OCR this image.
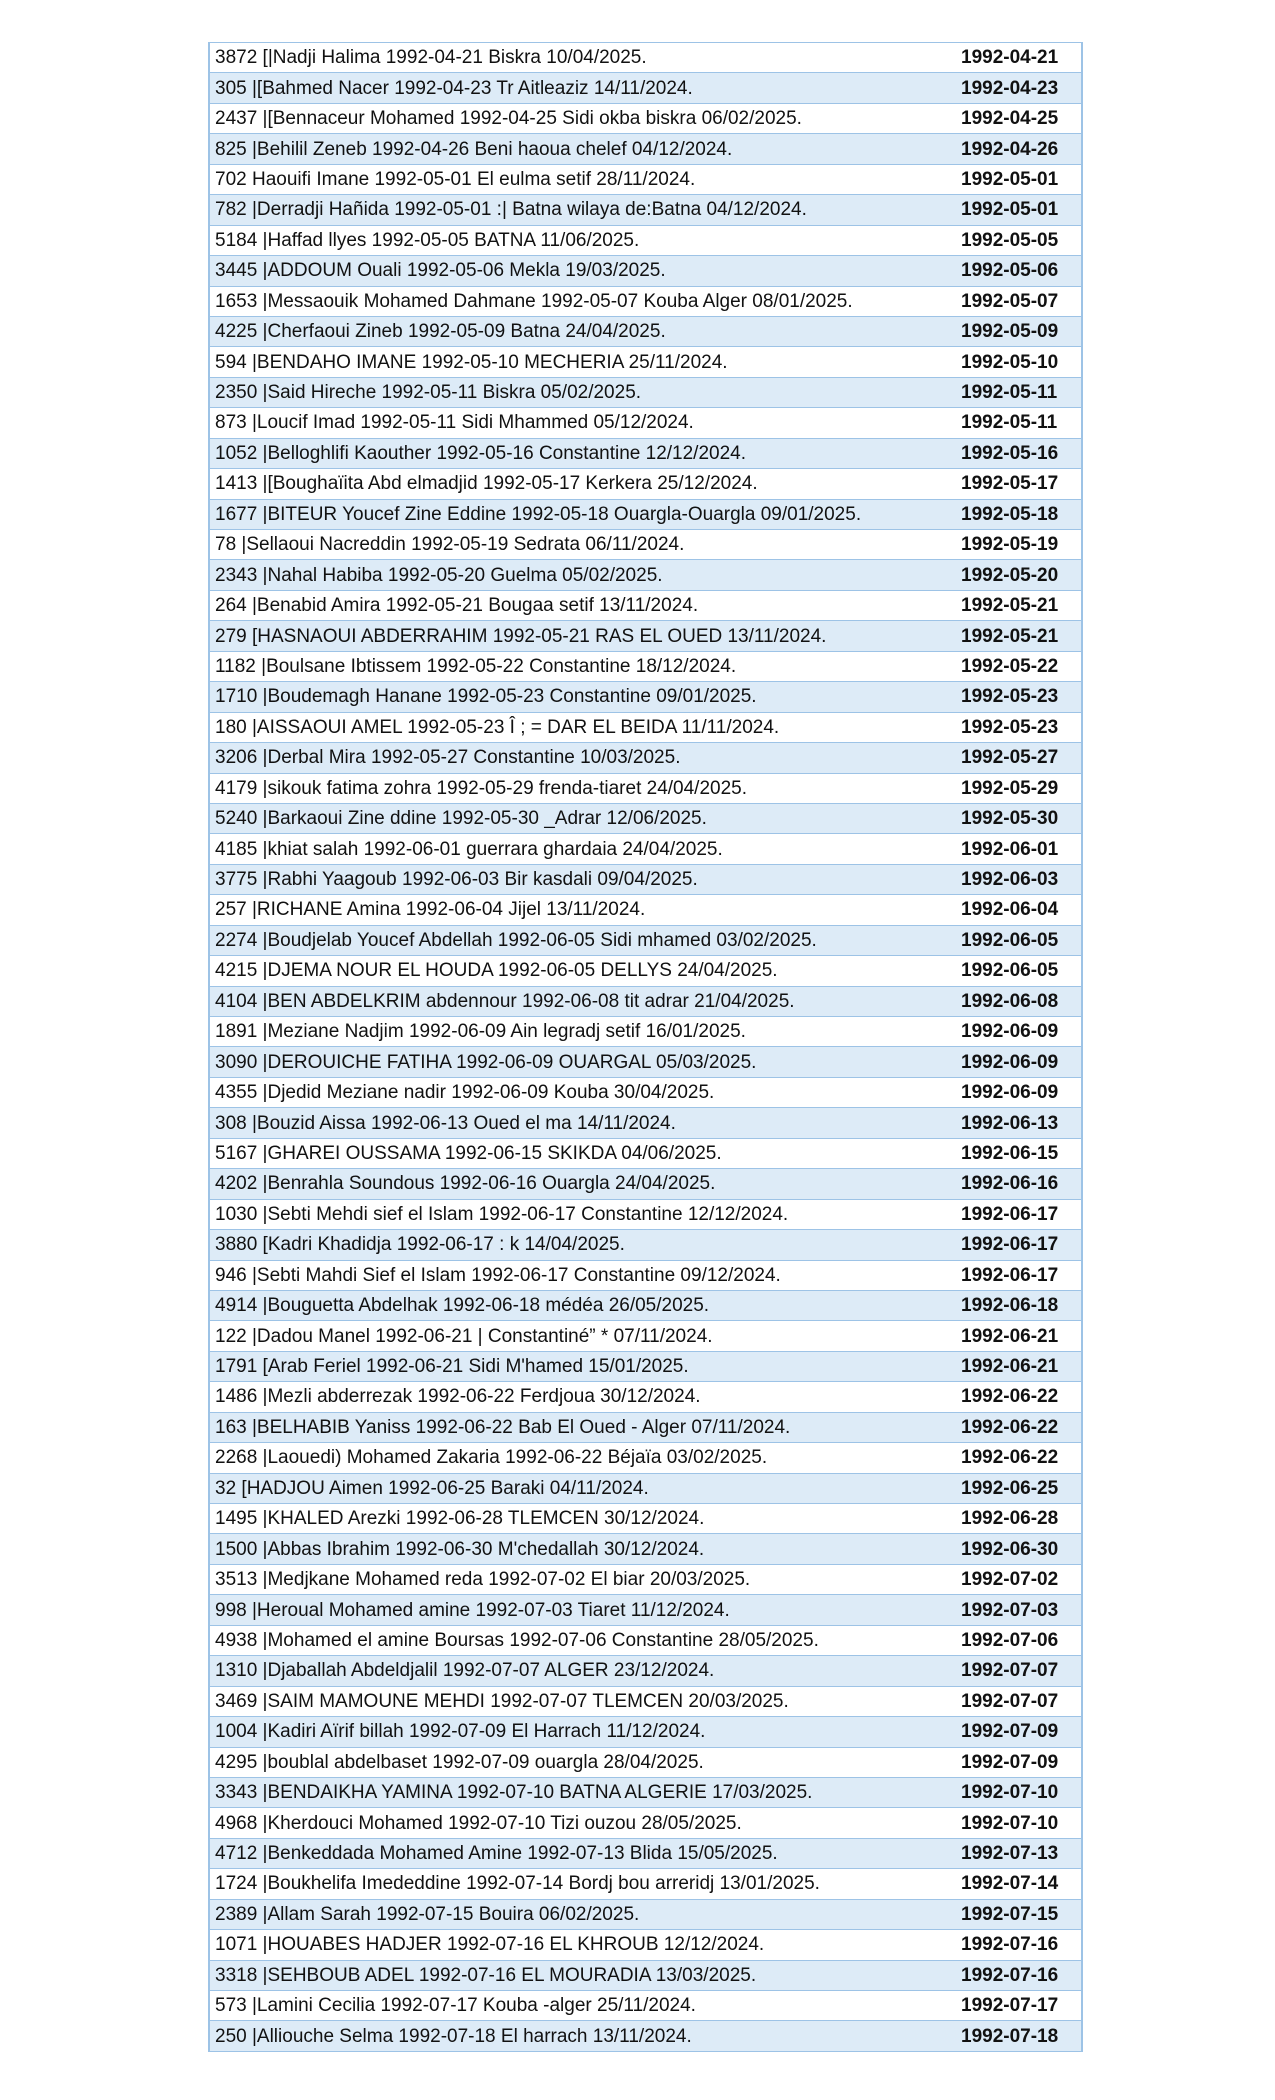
3872 [|Nadji Halima 1992-04-21 Biskra 10/04/2025.	1992-04-21
305 |[Bahmed Nacer 1992-04-23 Tr Aitleaziz 14/11/2024.	1992-04-23
2437 |[Bennaceur Mohamed 1992-04-25 Sidi okba biskra 06/02/2025.	1992-04-25
825 |Behilil Zeneb 1992-04-26 Beni haoua chelef 04/12/2024.	1992-04-26
702 Haouifi Imane 1992-05-01 El eulma setif 28/11/2024.	1992-05-01
782 |Derradji Hañida 1992-05-01 :| Batna wilaya de:Batna 04/12/2024.	1992-05-01
5184 |Haffad llyes 1992-05-05 BATNA 11/06/2025.	1992-05-05
3445 |ADDOUM Ouali 1992-05-06 Mekla 19/03/2025.	1992-05-06
1653 |Messaouik Mohamed Dahmane 1992-05-07 Kouba Alger 08/01/2025.	1992-05-07
4225 |Cherfaoui Zineb 1992-05-09 Batna 24/04/2025.	1992-05-09
594 |BENDAHO IMANE 1992-05-10 MECHERIA 25/11/2024.	1992-05-10
2350 |Said Hireche 1992-05-11 Biskra 05/02/2025.	1992-05-11
873 |Loucif Imad 1992-05-11 Sidi Mhammed 05/12/2024.	1992-05-11
1052 |Belloghlifi Kaouther 1992-05-16 Constantine 12/12/2024.	1992-05-16
1413 |[Boughaïita Abd elmadjid 1992-05-17 Kerkera 25/12/2024.	1992-05-17
1677 |BITEUR Youcef Zine Eddine 1992-05-18 Ouargla-Ouargla 09/01/2025.	1992-05-18
78 |Sellaoui Nacreddin 1992-05-19 Sedrata 06/11/2024.	1992-05-19
2343 |Nahal Habiba 1992-05-20 Guelma 05/02/2025.	1992-05-20
264 |Benabid Amira 1992-05-21 Bougaa setif 13/11/2024.	1992-05-21
279 [HASNAOUI ABDERRAHIM 1992-05-21 RAS EL OUED 13/11/2024.	1992-05-21
1182 |Boulsane Ibtissem 1992-05-22 Constantine 18/12/2024.	1992-05-22
1710 |Boudemagh Hanane 1992-05-23 Constantine 09/01/2025.	1992-05-23
180 |AISSAOUI AMEL 1992-05-23 Î ; = DAR EL BEIDA 11/11/2024.	1992-05-23
3206 |Derbal Mira 1992-05-27 Constantine 10/03/2025.	1992-05-27
4179 |sikouk fatima zohra 1992-05-29 frenda-tiaret 24/04/2025.	1992-05-29
5240 |Barkaoui Zine ddine 1992-05-30 _Adrar 12/06/2025.	1992-05-30
4185 |khiat salah 1992-06-01 guerrara ghardaia 24/04/2025.	1992-06-01
3775 |Rabhi Yaagoub 1992-06-03 Bir kasdali 09/04/2025.	1992-06-03
257 |RICHANE Amina 1992-06-04 Jijel 13/11/2024.	1992-06-04
2274 |Boudjelab Youcef Abdellah 1992-06-05 Sidi mhamed 03/02/2025.	1992-06-05
4215 |DJEMA NOUR EL HOUDA 1992-06-05 DELLYS 24/04/2025.	1992-06-05
4104 |BEN ABDELKRIM abdennour 1992-06-08 tit adrar 21/04/2025.	1992-06-08
1891 |Meziane Nadjim 1992-06-09 Ain legradj setif 16/01/2025.	1992-06-09
3090 |DEROUICHE FATIHA 1992-06-09 OUARGAL 05/03/2025.	1992-06-09
4355 |Djedid Meziane nadir 1992-06-09 Kouba 30/04/2025.	1992-06-09
308 |Bouzid Aissa 1992-06-13 Oued el ma 14/11/2024.	1992-06-13
5167 |GHAREI OUSSAMA 1992-06-15 SKIKDA 04/06/2025.	1992-06-15
4202 |Benrahla Soundous 1992-06-16 Ouargla 24/04/2025.	1992-06-16
1030 |Sebti Mehdi sief el Islam 1992-06-17 Constantine 12/12/2024.	1992-06-17
3880 [Kadri Khadidja 1992-06-17 : k 14/04/2025.	1992-06-17
946 |Sebti Mahdi Sief el Islam 1992-06-17 Constantine 09/12/2024.	1992-06-17
4914 |Bouguetta Abdelhak 1992-06-18 médéa 26/05/2025.	1992-06-18
122 |Dadou Manel 1992-06-21 | Constantiné” * 07/11/2024.	1992-06-21
1791 [Arab Feriel 1992-06-21 Sidi M'hamed 15/01/2025.	1992-06-21
1486 |Mezli abderrezak 1992-06-22 Ferdjoua 30/12/2024.	1992-06-22
163 |BELHABIB Yaniss 1992-06-22 Bab El Oued - Alger 07/11/2024.	1992-06-22
2268 |Laouedi) Mohamed Zakaria 1992-06-22 Béjaïa 03/02/2025.	1992-06-22
32 [HADJOU Aimen 1992-06-25 Baraki 04/11/2024.	1992-06-25
1495 |KHALED Arezki 1992-06-28 TLEMCEN 30/12/2024.	1992-06-28
1500 |Abbas Ibrahim 1992-06-30 M'chedallah 30/12/2024.	1992-06-30
3513 |Medjkane Mohamed reda 1992-07-02 El biar 20/03/2025.	1992-07-02
998 |Heroual Mohamed amine 1992-07-03 Tiaret 11/12/2024.	1992-07-03
4938 |Mohamed el amine Boursas 1992-07-06 Constantine 28/05/2025.	1992-07-06
1310 |Djaballah Abdeldjalil 1992-07-07 ALGER 23/12/2024.	1992-07-07
3469 |SAIM MAMOUNE MEHDI 1992-07-07 TLEMCEN 20/03/2025.	1992-07-07
1004 |Kadiri Aïrif billah 1992-07-09 El Harrach 11/12/2024.	1992-07-09
4295 |boublal abdelbaset 1992-07-09 ouargla 28/04/2025.	1992-07-09
3343 |BENDAIKHA YAMINA 1992-07-10 BATNA ALGERIE 17/03/2025.	1992-07-10
4968 |Kherdouci Mohamed 1992-07-10 Tizi ouzou 28/05/2025.	1992-07-10
4712 |Benkeddada Mohamed Amine 1992-07-13 Blida 15/05/2025.	1992-07-13
1724 |Boukhelifa Imededdine 1992-07-14 Bordj bou arreridj 13/01/2025.	1992-07-14
2389 |Allam Sarah 1992-07-15 Bouira 06/02/2025.	1992-07-15
1071 |HOUABES HADJER 1992-07-16 EL KHROUB 12/12/2024.	1992-07-16
3318 |SEHBOUB ADEL 1992-07-16 EL MOURADIA 13/03/2025.	1992-07-16
573 |Lamini Cecilia 1992-07-17 Kouba -alger 25/11/2024.	1992-07-17
250 |Alliouche Selma 1992-07-18 El harrach 13/11/2024.	1992-07-18
